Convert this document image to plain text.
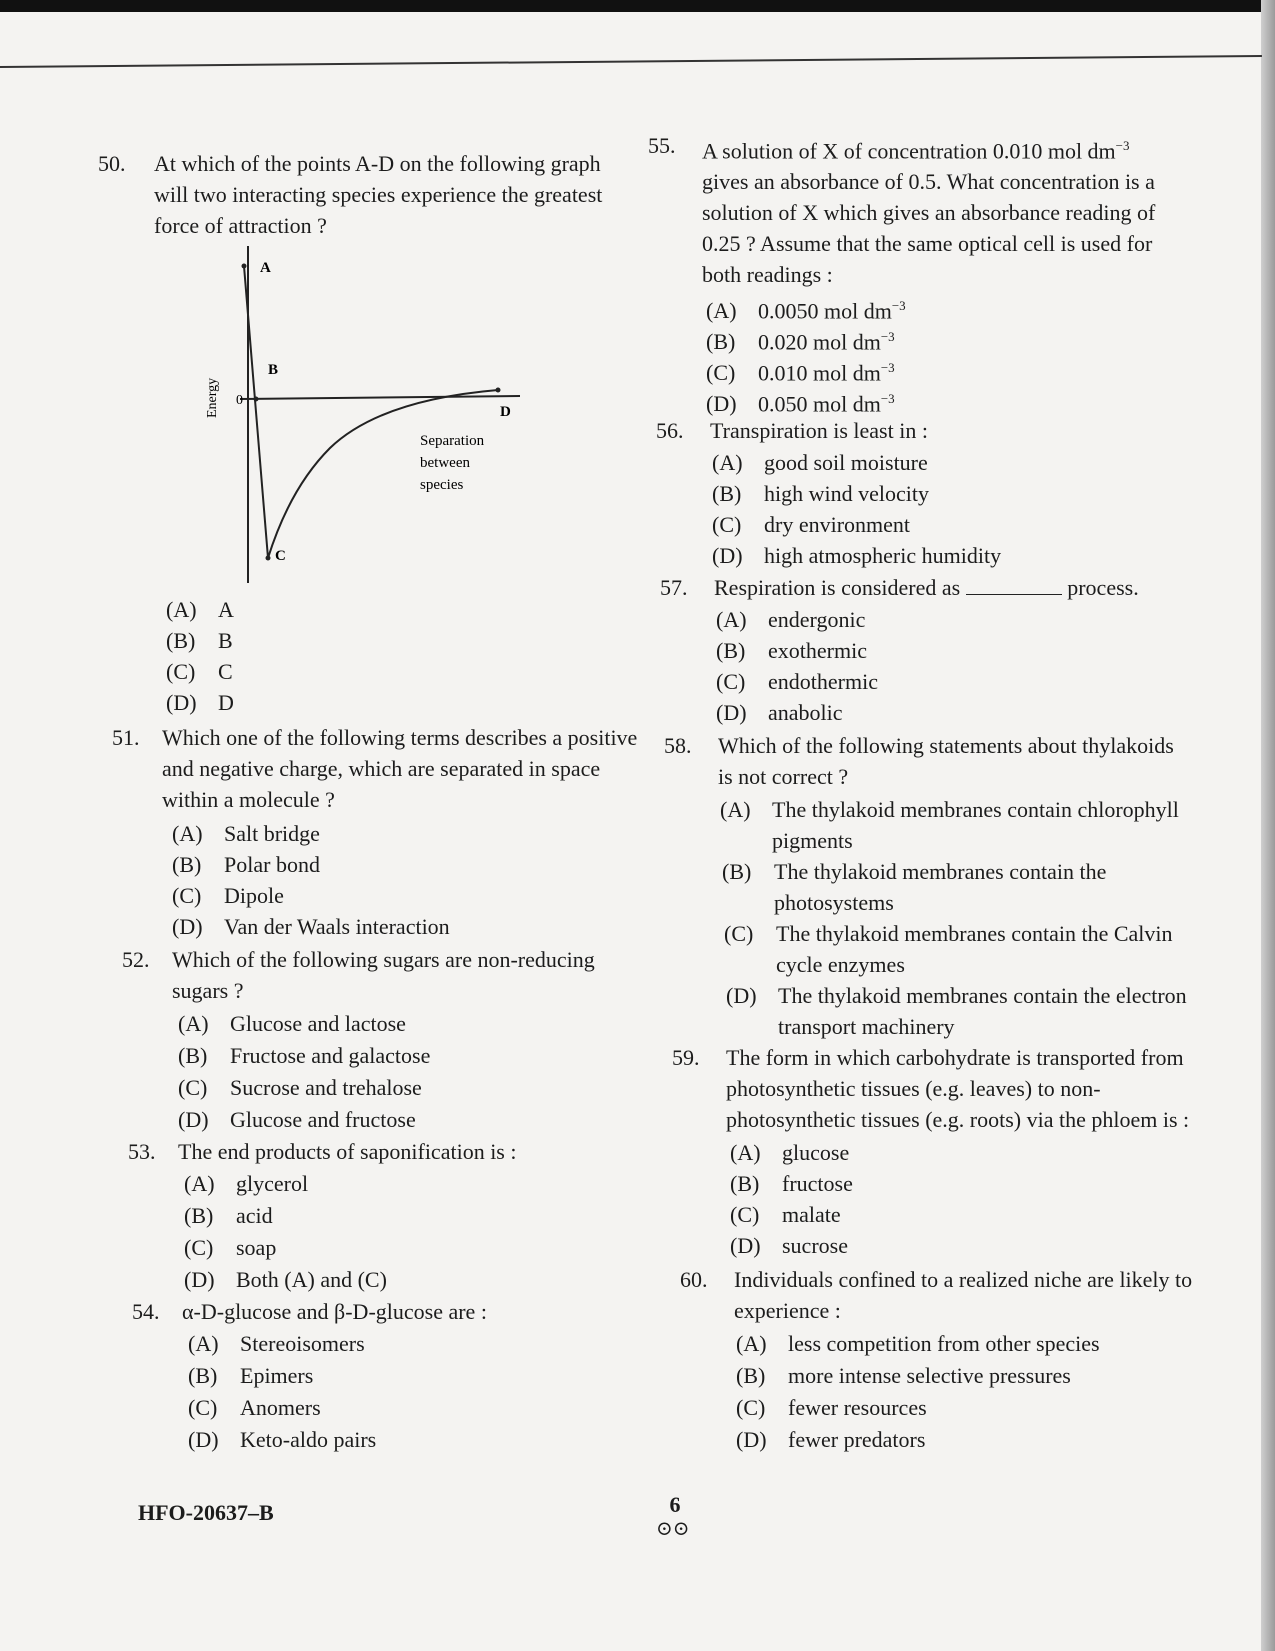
50.	At which of the points A-D on the following graph
will two interacting species experience the greatest
force of attraction ?
A
B
C
D
0
Energy
Separation
between
species
(A) A
(B) B
(C) C
(D) D
51.	Which one of the following terms describes a positive
and negative charge, which are separated in space
within a molecule ?
(A) Salt bridge
(B) Polar bond
(C) Dipole
(D) Van der Waals interaction
52.	Which of the following sugars are non-reducing
sugars ?
(A) Glucose and lactose
(B) Fructose and galactose
(C) Sucrose and trehalose
(D) Glucose and fructose
53.	The end products of saponification is :
(A) glycerol
(B) acid
(C) soap
(D) Both (A) and (C)
54.	α-D-glucose and β-D-glucose are :
(A) Stereoisomers
(B) Epimers
(C) Anomers
(D) Keto-aldo pairs
55.	A solution of X of concentration 0.010 mol $dm^{-3}$
gives an absorbance of 0.5. What concentration is a
solution of X which gives an absorbance reading of
0.25 ? Assume that the same optical cell is used for
both readings :
(A) 0.0050 mol $dm^{-3}$
(B) 0.020 mol $dm^{-3}$
(C) 0.010 mol $dm^{-3}$
(D) 0.050 mol $dm^{-3}$
56.	Transpiration is least in :
(A) good soil moisture
(B) high wind velocity
(C) dry environment
(D) high atmospheric humidity
57.	Respiration is considered as	process.
(A) endergonic
(B) exothermic
(C) endothermic
(D) anabolic
58.	Which of the following statements about thylakoids
is not correct ?
(A) The thylakoid membranes contain chlorophyll
pigments
(B) The thylakoid membranes contain the
photosystems
(C) The thylakoid membranes contain the Calvin
cycle enzymes
(D) The thylakoid membranes contain the electron
transport machinery
59.	The form in which carbohydrate is transported from
photosynthetic tissues (e.g. leaves) to non-
photosynthetic tissues (e.g. roots) via the phloem is :
(A) glucose
(B) fructose
(C) malate
(D) sucrose
60.	Individuals confined to a realized niche are likely to
experience :
(A) less competition from other species
(B) more intense selective pressures
(C) fewer resources
(D) fewer predators
HFO-20637–B	6
⊙⊙
